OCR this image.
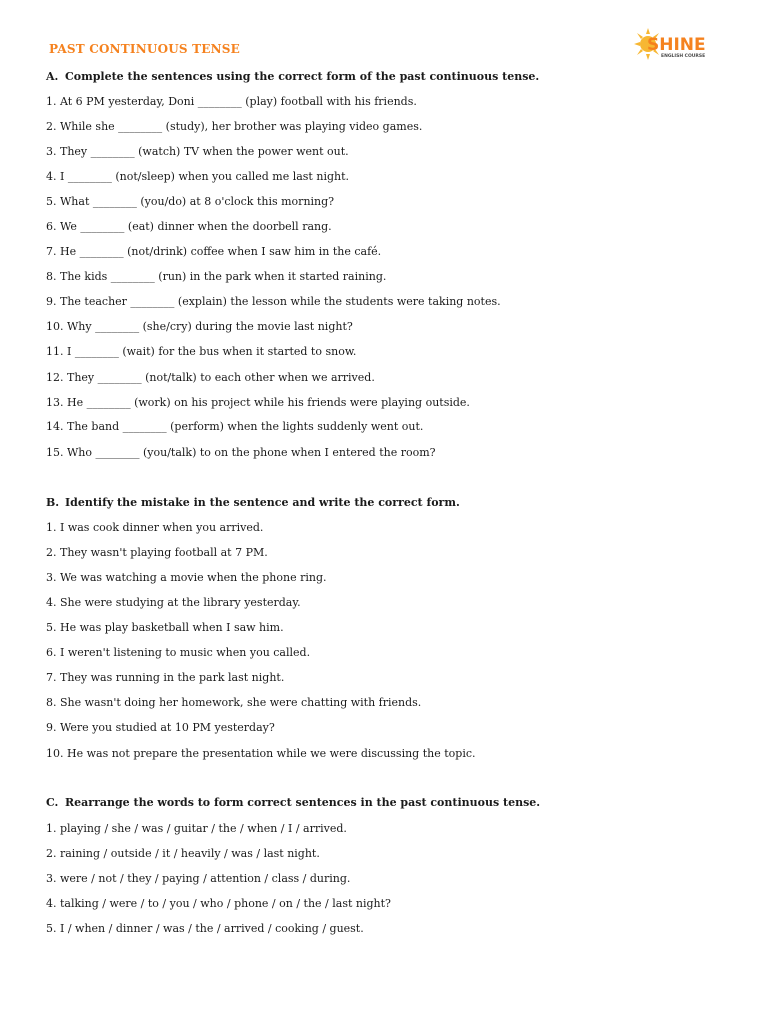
PAST CONTINUOUS TENSE	SHINE
ENGLISH COURSE
A. Complete the sentences using the correct form of the past continuous tense.
1. At 6 PM yesterday, Doni ________ (play) football with his friends.
2. While she ________ (study), her brother was playing video games.
3. They ________ (watch) TV when the power went out.
4. I ________ (not/sleep) when you called me last night.
5. What ________ (you/do) at 8 o'clock this morning?
6. We ________ (eat) dinner when the doorbell rang.
7. He ________ (not/drink) coffee when I saw him in the café.
8. The kids ________ (run) in the park when it started raining.
9. The teacher ________ (explain) the lesson while the students were taking notes.
10. Why ________ (she/cry) during the movie last night?
11. I ________ (wait) for the bus when it started to snow.
12. They ________ (not/talk) to each other when we arrived.
13. He ________ (work) on his project while his friends were playing outside.
14. The band ________ (perform) when the lights suddenly went out.
15. Who ________ (you/talk) to on the phone when I entered the room?
B. Identify the mistake in the sentence and write the correct form.
1. I was cook dinner when you arrived.
2. They wasn't playing football at 7 PM.
3. We was watching a movie when the phone ring.
4. She were studying at the library yesterday.
5. He was play basketball when I saw him.
6. I weren't listening to music when you called.
7. They was running in the park last night.
8. She wasn't doing her homework, she were chatting with friends.
9. Were you studied at 10 PM yesterday?
10. He was not prepare the presentation while we were discussing the topic.
C. Rearrange the words to form correct sentences in the past continuous tense.
1. playing / she / was / guitar / the / when / I / arrived.
2. raining / outside / it / heavily / was / last night.
3. were / not / they / paying / attention / class / during.
4. talking / were / to / you / who / phone / on / the / last night?
5. I / when / dinner / was / the / arrived / cooking / guest.
